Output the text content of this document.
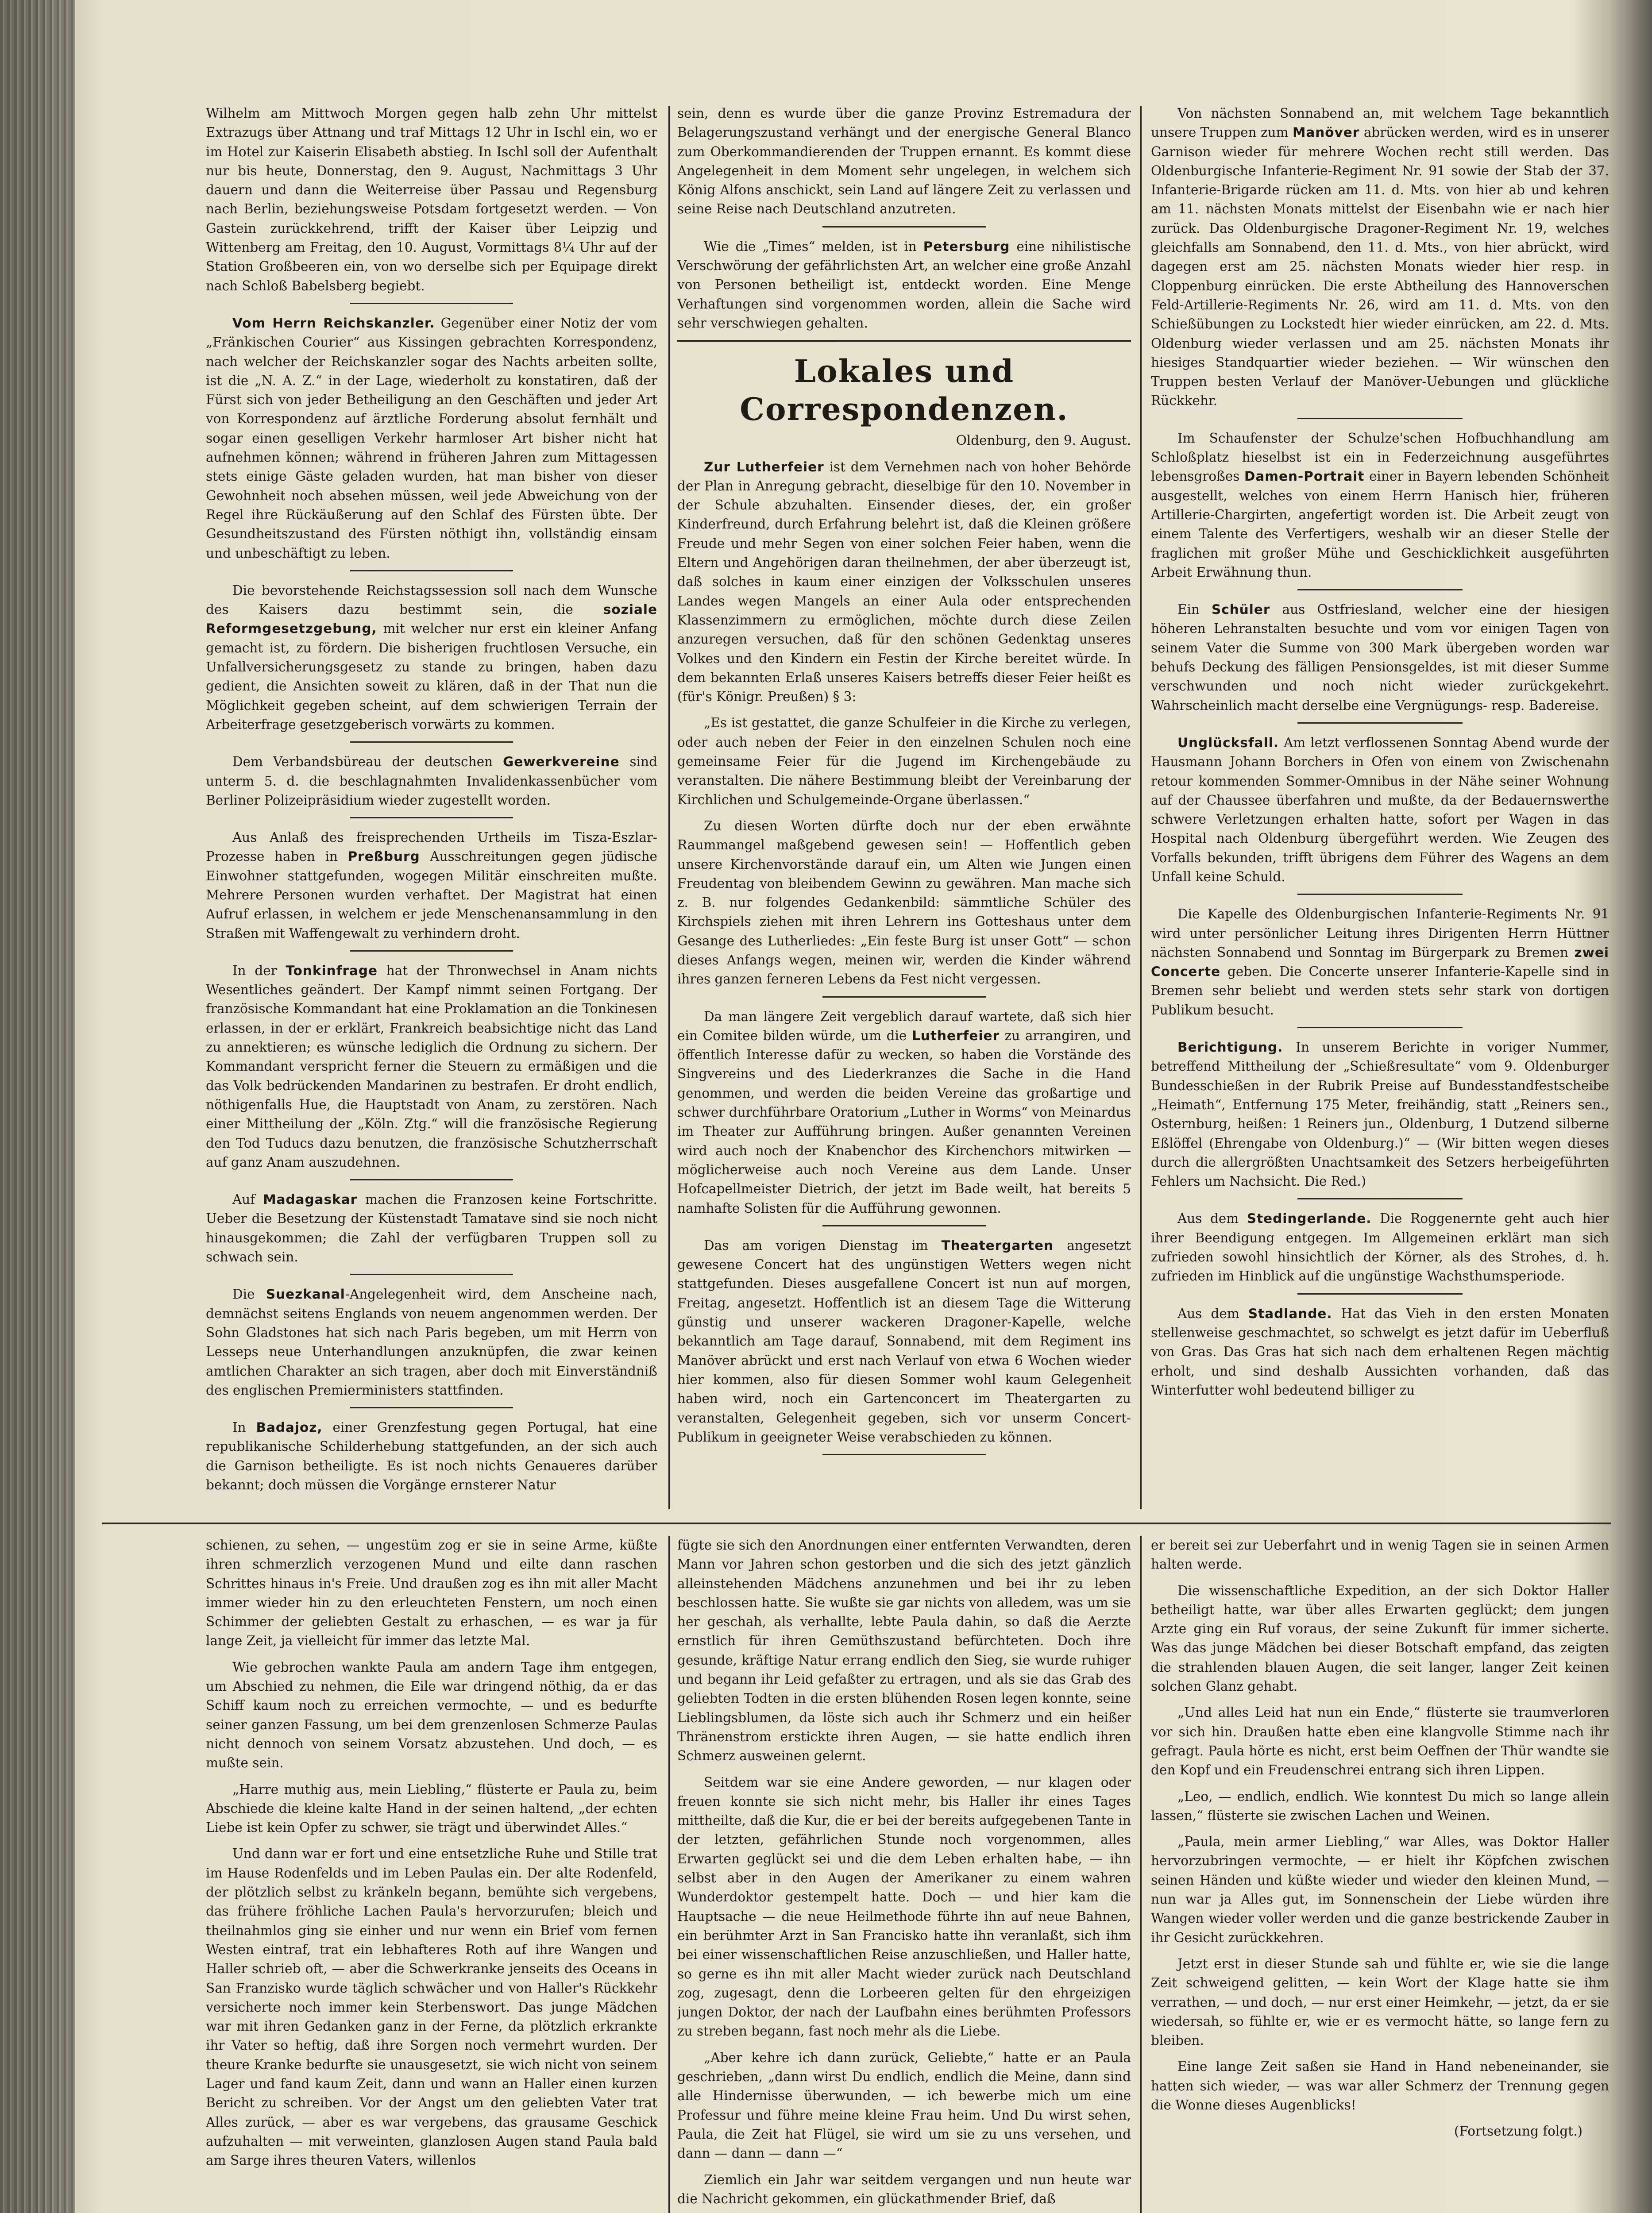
Wilhelm am Mittwoch Morgen gegen halb zehn Uhr mittelst Extrazugs über Attnang und traf Mittags 12 Uhr in Ischl ein, wo er im Hotel zur Kaiserin Elisabeth abstieg. In Ischl soll der Aufenthalt nur bis heute, Donnerstag, den 9. August, Nachmittags 3 Uhr dauern und dann die Weiterreise über Passau und Regensburg nach Berlin, beziehungsweise Potsdam fortgesetzt werden. — Von Gastein zurückkehrend, trifft der Kaiser über Leipzig und Wittenberg am Freitag, den 10. August, Vormittags 8¼ Uhr auf der Station Großbeeren ein, von wo derselbe sich per Equipage direkt nach Schloß Babelsberg begiebt.

Vom Herrn Reichskanzler. Gegenüber einer Notiz der vom „Fränkischen Courier“ aus Kissingen gebrachten Korrespondenz, nach welcher der Reichskanzler sogar des Nachts arbeiten sollte, ist die „N. A. Z.“ in der Lage, wiederholt zu konstatiren, daß der Fürst sich von jeder Betheiligung an den Geschäften und jeder Art von Korrespondenz auf ärztliche Forderung absolut fernhält und sogar einen geselligen Verkehr harmloser Art bisher nicht hat aufnehmen können; während in früheren Jahren zum Mittagessen stets einige Gäste geladen wurden, hat man bisher von dieser Gewohnheit noch absehen müssen, weil jede Abweichung von der Regel ihre Rückäußerung auf den Schlaf des Fürsten übte. Der Gesundheitszustand des Fürsten nöthigt ihn, vollständig einsam und unbeschäftigt zu leben.

Die bevorstehende Reichstagssession soll nach dem Wunsche des Kaisers dazu bestimmt sein, die soziale Reformgesetzgebung, mit welcher nur erst ein kleiner Anfang gemacht ist, zu fördern. Die bisherigen fruchtlosen Versuche, ein Unfallversicherungsgesetz zu stande zu bringen, haben dazu gedient, die Ansichten soweit zu klären, daß in der That nun die Möglichkeit gegeben scheint, auf dem schwierigen Terrain der Arbeiterfrage gesetzgeberisch vorwärts zu kommen.

Dem Verbandsbüreau der deutschen Gewerkvereine sind unterm 5. d. die beschlagnahmten Invalidenkassenbücher vom Berliner Polizeipräsidium wieder zugestellt worden.

Aus Anlaß des freisprechenden Urtheils im Tisza-Eszlar-Prozesse haben in Preßburg Ausschreitungen gegen jüdische Einwohner stattgefunden, wogegen Militär einschreiten mußte. Mehrere Personen wurden verhaftet. Der Magistrat hat einen Aufruf erlassen, in welchem er jede Menschenansammlung in den Straßen mit Waffengewalt zu verhindern droht.

In der Tonkinfrage hat der Thronwechsel in Anam nichts Wesentliches geändert. Der Kampf nimmt seinen Fortgang. Der französische Kommandant hat eine Proklamation an die Tonkinesen erlassen, in der er erklärt, Frankreich beabsichtige nicht das Land zu annektieren; es wünsche lediglich die Ordnung zu sichern. Der Kommandant verspricht ferner die Steuern zu ermäßigen und die das Volk bedrückenden Mandarinen zu bestrafen. Er droht endlich, nöthigenfalls Hue, die Hauptstadt von Anam, zu zerstören. Nach einer Mittheilung der „Köln. Ztg.“ will die französische Regierung den Tod Tuducs dazu benutzen, die französische Schutzherrschaft auf ganz Anam auszudehnen.

Auf Madagaskar machen die Franzosen keine Fortschritte. Ueber die Besetzung der Küstenstadt Tamatave sind sie noch nicht hinausgekommen; die Zahl der verfügbaren Truppen soll zu schwach sein.

Die Suezkanal-Angelegenheit wird, dem Anscheine nach, demnächst seitens Englands von neuem angenommen werden. Der Sohn Gladstones hat sich nach Paris begeben, um mit Herrn von Lesseps neue Unterhandlungen anzuknüpfen, die zwar keinen amtlichen Charakter an sich tragen, aber doch mit Einverständniß des englischen Premierministers stattfinden.

In Badajoz, einer Grenzfestung gegen Portugal, hat eine republikanische Schilderhebung stattgefunden, an der sich auch die Garnison betheiligte. Es ist noch nichts Genaueres darüber bekannt; doch müssen die Vorgänge ernsterer Natur

sein, denn es wurde über die ganze Provinz Estremadura der Belagerungszustand verhängt und der energische General Blanco zum Oberkommandierenden der Truppen ernannt. Es kommt diese Angelegenheit in dem Moment sehr ungelegen, in welchem sich König Alfons anschickt, sein Land auf längere Zeit zu verlassen und seine Reise nach Deutschland anzutreten.

Wie die „Times“ melden, ist in Petersburg eine nihilistische Verschwörung der gefährlichsten Art, an welcher eine große Anzahl von Personen betheiligt ist, entdeckt worden. Eine Menge Verhaftungen sind vorgenommen worden, allein die Sache wird sehr verschwiegen gehalten.

Lokales und Correspondenzen.

Oldenburg, den 9. August.

Zur Lutherfeier ist dem Vernehmen nach von hoher Behörde der Plan in Anregung gebracht, dieselbige für den 10. November in der Schule abzuhalten. Einsender dieses, der, ein großer Kinderfreund, durch Erfahrung belehrt ist, daß die Kleinen größere Freude und mehr Segen von einer solchen Feier haben, wenn die Eltern und Angehörigen daran theilnehmen, der aber überzeugt ist, daß solches in kaum einer einzigen der Volksschulen unseres Landes wegen Mangels an einer Aula oder entsprechenden Klassenzimmern zu ermöglichen, möchte durch diese Zeilen anzuregen versuchen, daß für den schönen Gedenktag unseres Volkes und den Kindern ein Festin der Kirche bereitet würde. In dem bekannten Erlaß unseres Kaisers betreffs dieser Feier heißt es (für's Königr. Preußen) § 3:

„Es ist gestattet, die ganze Schulfeier in die Kirche zu verlegen, oder auch neben der Feier in den einzelnen Schulen noch eine gemeinsame Feier für die Jugend im Kirchengebäude zu veranstalten. Die nähere Bestimmung bleibt der Vereinbarung der Kirchlichen und Schulgemeinde-Organe überlassen.“

Zu diesen Worten dürfte doch nur der eben erwähnte Raummangel maßgebend gewesen sein! — Hoffentlich geben unsere Kirchenvorstände darauf ein, um Alten wie Jungen einen Freudentag von bleibendem Gewinn zu gewähren. Man mache sich z. B. nur folgendes Gedankenbild: sämmtliche Schüler des Kirchspiels ziehen mit ihren Lehrern ins Gotteshaus unter dem Gesange des Lutherliedes: „Ein feste Burg ist unser Gott“ — schon dieses Anfangs wegen, meinen wir, werden die Kinder während ihres ganzen ferneren Lebens da Fest nicht vergessen.

Da man längere Zeit vergeblich darauf wartete, daß sich hier ein Comitee bilden würde, um die Lutherfeier zu arrangiren, und öffentlich Interesse dafür zu wecken, so haben die Vorstände des Singvereins und des Liederkranzes die Sache in die Hand genommen, und werden die beiden Vereine das großartige und schwer durchführbare Oratorium „Luther in Worms“ von Meinardus im Theater zur Aufführung bringen. Außer genannten Vereinen wird auch noch der Knabenchor des Kirchenchors mitwirken — möglicherweise auch noch Vereine aus dem Lande. Unser Hofcapellmeister Dietrich, der jetzt im Bade weilt, hat bereits 5 namhafte Solisten für die Aufführung gewonnen.

Das am vorigen Dienstag im Theatergarten angesetzt gewesene Concert hat des ungünstigen Wetters wegen nicht stattgefunden. Dieses ausgefallene Concert ist nun auf morgen, Freitag, angesetzt. Hoffentlich ist an diesem Tage die Witterung günstig und unserer wackeren Dragoner-Kapelle, welche bekanntlich am Tage darauf, Sonnabend, mit dem Regiment ins Manöver abrückt und erst nach Verlauf von etwa 6 Wochen wieder hier kommen, also für diesen Sommer wohl kaum Gelegenheit haben wird, noch ein Gartenconcert im Theatergarten zu veranstalten, Gelegenheit gegeben, sich vor unserm Concert-Publikum in geeigneter Weise verabschieden zu können.

Von nächsten Sonnabend an, mit welchem Tage bekanntlich unsere Truppen zum Manöver abrücken werden, wird es in unserer Garnison wieder für mehrere Wochen recht still werden. Das Oldenburgische Infanterie-Regiment Nr. 91 sowie der Stab der 37. Infanterie-Brigarde rücken am 11. d. Mts. von hier ab und kehren am 11. nächsten Monats mittelst der Eisenbahn wie er nach hier zurück. Das Oldenburgische Dragoner-Regiment Nr. 19, welches gleichfalls am Sonnabend, den 11. d. Mts., von hier abrückt, wird dagegen erst am 25. nächsten Monats wieder hier resp. in Cloppenburg einrücken. Die erste Abtheilung des Hannoverschen Feld-Artillerie-Regiments Nr. 26, wird am 11. d. Mts. von den Schießübungen zu Lockstedt hier wieder einrücken, am 22. d. Mts. Oldenburg wieder verlassen und am 25. nächsten Monats ihr hiesiges Standquartier wieder beziehen. — Wir wünschen den Truppen besten Verlauf der Manöver-Uebungen und glückliche Rückkehr.

Im Schaufenster der Schulze'schen Hofbuchhandlung am Schloßplatz hieselbst ist ein in Federzeichnung ausgeführtes lebensgroßes Damen-Portrait einer in Bayern lebenden Schönheit ausgestellt, welches von einem Herrn Hanisch hier, früheren Artillerie-Chargirten, angefertigt worden ist. Die Arbeit zeugt von einem Talente des Verfertigers, weshalb wir an dieser Stelle der fraglichen mit großer Mühe und Geschicklichkeit ausgeführten Arbeit Erwähnung thun.

Ein Schüler aus Ostfriesland, welcher eine der hiesigen höheren Lehranstalten besuchte und vom vor einigen Tagen von seinem Vater die Summe von 300 Mark übergeben worden war behufs Deckung des fälligen Pensionsgeldes, ist mit dieser Summe verschwunden und noch nicht wieder zurückgekehrt. Wahrscheinlich macht derselbe eine Vergnügungs- resp. Badereise.

Unglücksfall. Am letzt verflossenen Sonntag Abend wurde der Hausmann Johann Borchers in Ofen von einem von Zwischenahn retour kommenden Sommer-Omnibus in der Nähe seiner Wohnung auf der Chaussee überfahren und mußte, da der Bedauernswerthe schwere Verletzungen erhalten hatte, sofort per Wagen in das Hospital nach Oldenburg übergeführt werden. Wie Zeugen des Vorfalls bekunden, trifft übrigens dem Führer des Wagens an dem Unfall keine Schuld.

Die Kapelle des Oldenburgischen Infanterie-Regiments Nr. 91 wird unter persönlicher Leitung ihres Dirigenten Herrn Hüttner nächsten Sonnabend und Sonntag im Bürgerpark zu Bremen zwei Concerte geben. Die Concerte unserer Infanterie-Kapelle sind in Bremen sehr beliebt und werden stets sehr stark von dortigen Publikum besucht.

Berichtigung. In unserem Berichte in voriger Nummer, betreffend Mittheilung der „Schießresultate“ vom 9. Oldenburger Bundesschießen in der Rubrik Preise auf Bundesstandfestscheibe „Heimath“, Entfernung 175 Meter, freihändig, statt „Reiners sen., Osternburg, heißen: 1 Reiners jun., Oldenburg, 1 Dutzend silberne Eßlöffel (Ehrengabe von Oldenburg.)“ — (Wir bitten wegen dieses durch die allergrößten Unachtsamkeit des Setzers herbeigeführten Fehlers um Nachsicht. Die Red.)

Aus dem Stedingerlande. Die Roggenernte geht auch hier ihrer Beendigung entgegen. Im Allgemeinen erklärt man sich zufrieden sowohl hinsichtlich der Körner, als des Strohes, d. h. zufrieden im Hinblick auf die ungünstige Wachsthumsperiode.

Aus dem Stadlande. Hat das Vieh in den ersten Monaten stellenweise geschmachtet, so schwelgt es jetzt dafür im Ueberfluß von Gras. Das Gras hat sich nach dem erhaltenen Regen mächtig erholt, und sind deshalb Aussichten vorhanden, daß das Winterfutter wohl bedeutend billiger zu

schienen, zu sehen, — ungestüm zog er sie in seine Arme, küßte ihren schmerzlich verzogenen Mund und eilte dann raschen Schrittes hinaus in's Freie. Und draußen zog es ihn mit aller Macht immer wieder hin zu den erleuchteten Fenstern, um noch einen Schimmer der geliebten Gestalt zu erhaschen, — es war ja für lange Zeit, ja vielleicht für immer das letzte Mal.

Wie gebrochen wankte Paula am andern Tage ihm entgegen, um Abschied zu nehmen, die Eile war dringend nöthig, da er das Schiff kaum noch zu erreichen vermochte, — und es bedurfte seiner ganzen Fassung, um bei dem grenzenlosen Schmerze Paulas nicht dennoch von seinem Vorsatz abzustehen. Und doch, — es mußte sein.

„Harre muthig aus, mein Liebling,“ flüsterte er Paula zu, beim Abschiede die kleine kalte Hand in der seinen haltend, „der echten Liebe ist kein Opfer zu schwer, sie trägt und überwindet Alles.“

Und dann war er fort und eine entsetzliche Ruhe und Stille trat im Hause Rodenfelds und im Leben Paulas ein. Der alte Rodenfeld, der plötzlich selbst zu kränkeln begann, bemühte sich vergebens, das frühere fröhliche Lachen Paula's hervorzurufen; bleich und theilnahmlos ging sie einher und nur wenn ein Brief vom fernen Westen eintraf, trat ein lebhafteres Roth auf ihre Wangen und Haller schrieb oft, — aber die Schwerkranke jenseits des Oceans in San Franzisko wurde täglich schwächer und von Haller's Rückkehr versicherte noch immer kein Sterbenswort. Das junge Mädchen war mit ihren Gedanken ganz in der Ferne, da plötzlich erkrankte ihr Vater so heftig, daß ihre Sorgen noch vermehrt wurden. Der theure Kranke bedurfte sie unausgesetzt, sie wich nicht von seinem Lager und fand kaum Zeit, dann und wann an Haller einen kurzen Bericht zu schreiben. Vor der Angst um den geliebten Vater trat Alles zurück, — aber es war vergebens, das grausame Geschick aufzuhalten — mit verweinten, glanzlosen Augen stand Paula bald am Sarge ihres theuren Vaters, willenlos

fügte sie sich den Anordnungen einer entfernten Verwandten, deren Mann vor Jahren schon gestorben und die sich des jetzt gänzlich alleinstehenden Mädchens anzunehmen und bei ihr zu leben beschlossen hatte. Sie wußte sie gar nichts von alledem, was um sie her geschah, als verhallte, lebte Paula dahin, so daß die Aerzte ernstlich für ihren Gemüthszustand befürchteten. Doch ihre gesunde, kräftige Natur errang endlich den Sieg, sie wurde ruhiger und begann ihr Leid gefaßter zu ertragen, und als sie das Grab des geliebten Todten in die ersten blühenden Rosen legen konnte, seine Lieblingsblumen, da löste sich auch ihr Schmerz und ein heißer Thränenstrom erstickte ihren Augen, — sie hatte endlich ihren Schmerz ausweinen gelernt.

Seitdem war sie eine Andere geworden, — nur klagen oder freuen konnte sie sich nicht mehr, bis Haller ihr eines Tages mittheilte, daß die Kur, die er bei der bereits aufgegebenen Tante in der letzten, gefährlichen Stunde noch vorgenommen, alles Erwarten geglückt sei und die dem Leben erhalten habe, — ihn selbst aber in den Augen der Amerikaner zu einem wahren Wunderdoktor gestempelt hatte. Doch — und hier kam die Hauptsache — die neue Heilmethode führte ihn auf neue Bahnen, ein berühmter Arzt in San Francisko hatte ihn veranlaßt, sich ihm bei einer wissenschaftlichen Reise anzuschließen, und Haller hatte, so gerne es ihn mit aller Macht wieder zurück nach Deutschland zog, zugesagt, denn die Lorbeeren gelten für den ehrgeizigen jungen Doktor, der nach der Laufbahn eines berühmten Professors zu streben begann, fast noch mehr als die Liebe.

„Aber kehre ich dann zurück, Geliebte,“ hatte er an Paula geschrieben, „dann wirst Du endlich, endlich die Meine, dann sind alle Hindernisse überwunden, — ich bewerbe mich um eine Professur und führe meine kleine Frau heim. Und Du wirst sehen, Paula, die Zeit hat Flügel, sie wird um sie zu uns versehen, und dann — dann — dann —“

Ziemlich ein Jahr war seitdem vergangen und nun heute war die Nachricht gekommen, ein glückathmender Brief, daß

er bereit sei zur Ueberfahrt und in wenig Tagen sie in seinen Armen halten werde.

Die wissenschaftliche Expedition, an der sich Doktor Haller betheiligt hatte, war über alles Erwarten geglückt; dem jungen Arzte ging ein Ruf voraus, der seine Zukunft für immer sicherte. Was das junge Mädchen bei dieser Botschaft empfand, das zeigten die strahlenden blauen Augen, die seit langer, langer Zeit keinen solchen Glanz gehabt.

„Und alles Leid hat nun ein Ende,“ flüsterte sie traumverloren vor sich hin. Draußen hatte eben eine klangvolle Stimme nach ihr gefragt. Paula hörte es nicht, erst beim Oeffnen der Thür wandte sie den Kopf und ein Freudenschrei entrang sich ihren Lippen.

„Leo, — endlich, endlich. Wie konntest Du mich so lange allein lassen,“ flüsterte sie zwischen Lachen und Weinen.

„Paula, mein armer Liebling,“ war Alles, was Doktor Haller hervorzubringen vermochte, — er hielt ihr Köpfchen zwischen seinen Händen und küßte wieder und wieder den kleinen Mund, — nun war ja Alles gut, im Sonnenschein der Liebe würden ihre Wangen wieder voller werden und die ganze bestrickende Zauber in ihr Gesicht zurückkehren.

Jetzt erst in dieser Stunde sah und fühlte er, wie sie die lange Zeit schweigend gelitten, — kein Wort der Klage hatte sie ihm verrathen, — und doch, — nur erst einer Heimkehr, — jetzt, da er sie wiedersah, so fühlte er, wie er es vermocht hätte, so lange fern zu bleiben.

Eine lange Zeit saßen sie Hand in Hand nebeneinander, sie hatten sich wieder, — was war aller Schmerz der Trennung gegen die Wonne dieses Augenblicks!

(Fortsetzung folgt.)
